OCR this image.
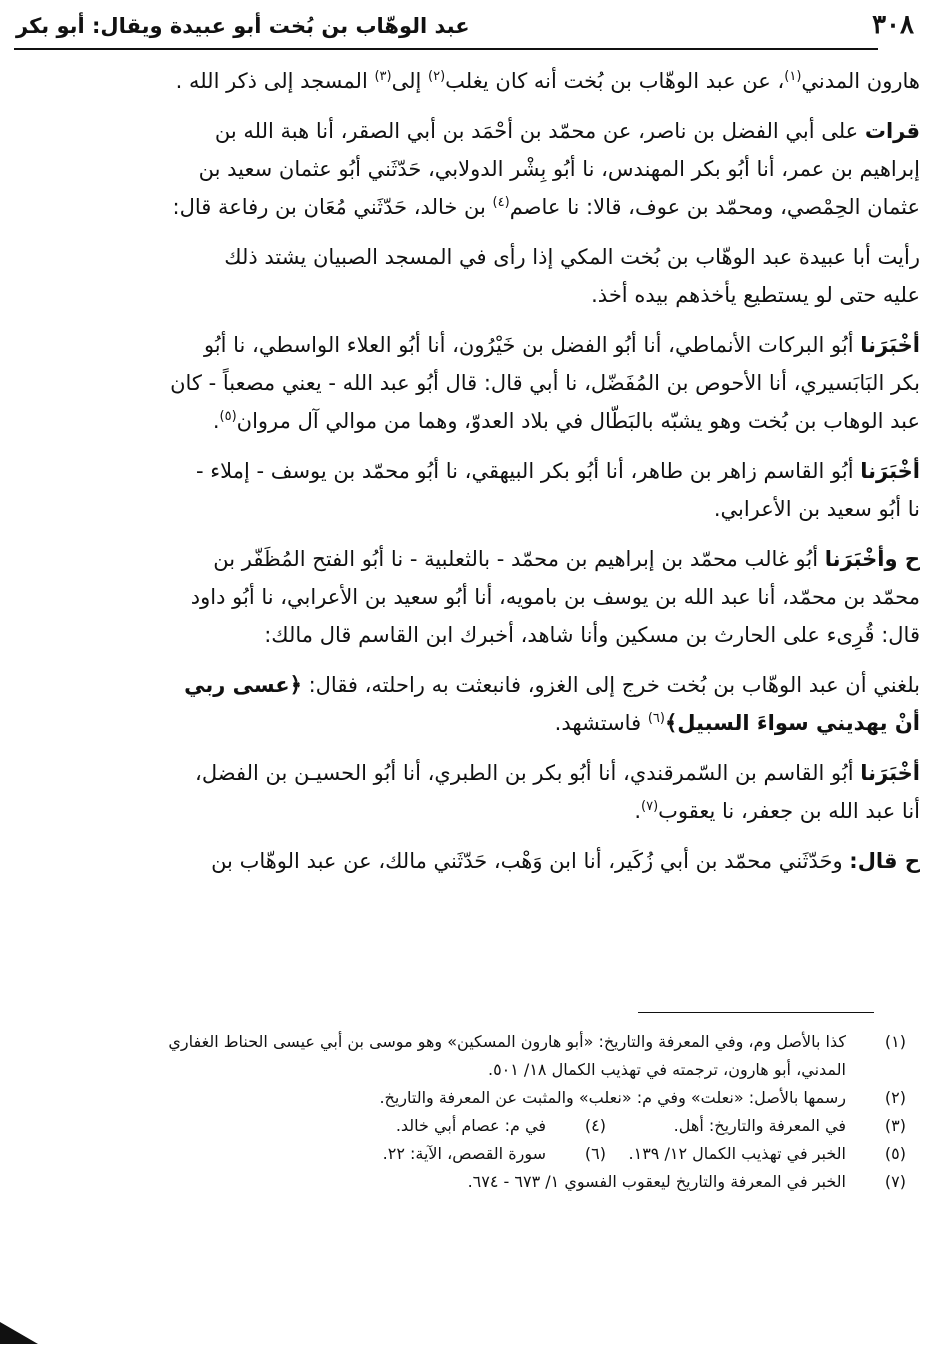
٣٠٨
عبد الوهّاب بن بُخت أبو عبيدة ويقال: أبو بكر

هارون المدني$^{(١)}$، عن عبد الوهّاب بن بُخت أنه كان يغلب$^{(٢)}$ إلى$^{(٣)}$ المسجد إلى ذكر الله .

قرات على أبي الفضل بن ناصر، عن محمّد بن أحْمَد بن أبي الصقر، أنا هبة الله بن
إبراهيم بن عمر، أنا أبُو بكر المهندس، نا أبُو بِشْر الدولابي، حَدّثَني أبُو عثمان سعيد بن
عثمان الحِمْصي، ومحمّد بن عوف، قالا: نا عاصم$^{(٤)}$ بن خالد، حَدّثَني مُعَان بن رفاعة قال:

رأيت أبا عبيدة عبد الوهّاب بن بُخت المكي إذا رأى في المسجد الصبيان يشتد ذلك
عليه حتى لو يستطيع يأخذهم بيده أخذ.

أخْبَرَنا أبُو البركات الأنماطي، أنا أبُو الفضل بن خَيْرُون، أنا أبُو العلاء الواسطي، نا أبُو
بكر البَابَسيري، أنا الأحوص بن المُفَضّل، نا أبي قال: قال أبُو عبد الله - يعني مصعباً - كان
عبد الوهاب بن بُخت وهو يشبّه بالبَطّال في بلاد العدوّ، وهما من موالي آل مروان$^{(٥)}$.

أخْبَرَنا أبُو القاسم زاهر بن طاهر، أنا أبُو بكر البيهقي، نا أبُو محمّد بن يوسف - إملاء -
نا أبُو سعيد بن الأعرابي.

ح وأخْبَرَنا أبُو غالب محمّد بن إبراهيم بن محمّد - بالثعلبية - نا أبُو الفتح المُظَفّر بن
محمّد بن محمّد، أنا عبد الله بن يوسف بن بامويه، أنا أبُو سعيد بن الأعرابي، نا أبُو داود
قال: قُرِىء على الحارث بن مسكين وأنا شاهد، أخبرك ابن القاسم قال مالك:

بلغني أن عبد الوهّاب بن بُخت خرج إلى الغزو، فانبعثت به راحلته، فقال: ﴿عسى ربي
أنْ يهديني سواءَ السبيل﴾$^{(٦)}$ فاستشهد.

أخْبَرَنا أبُو القاسم بن السّمرقندي، أنا أبُو بكر بن الطبري، أنا أبُو الحسيـن بن الفضل،
أنا عبد الله بن جعفر، نا يعقوب$^{(٧)}$.

ح قال: وحَدّثَني محمّد بن أبي زُكَير، أنا ابن وَهْب، حَدّثَني مالك، عن عبد الوهّاب بن

(١)
كذا بالأصل وم، وفي المعرفة والتاريخ: «أبو هارون المسكين» وهو موسى بن أبي عيسى الحناط الغفاري
المدني، أبو هارون، ترجمته في تهذيب الكمال ١٨/ ٥٠١.
(٢)
رسمها بالأصل: «نعلت» وفي م: «نعلب» والمثبت عن المعرفة والتاريخ.
(٣)
في المعرفة والتاريخ: أهل.
(٤)
في م: عصام أبي خالد.
(٥)
الخبر في تهذيب الكمال ١٢/ ١٣٩.
(٦)
سورة القصص، الآية: ٢٢.
(٧)
الخبر في المعرفة والتاريخ ليعقوب الفسوي ١/ ٦٧٣ - ٦٧٤.
